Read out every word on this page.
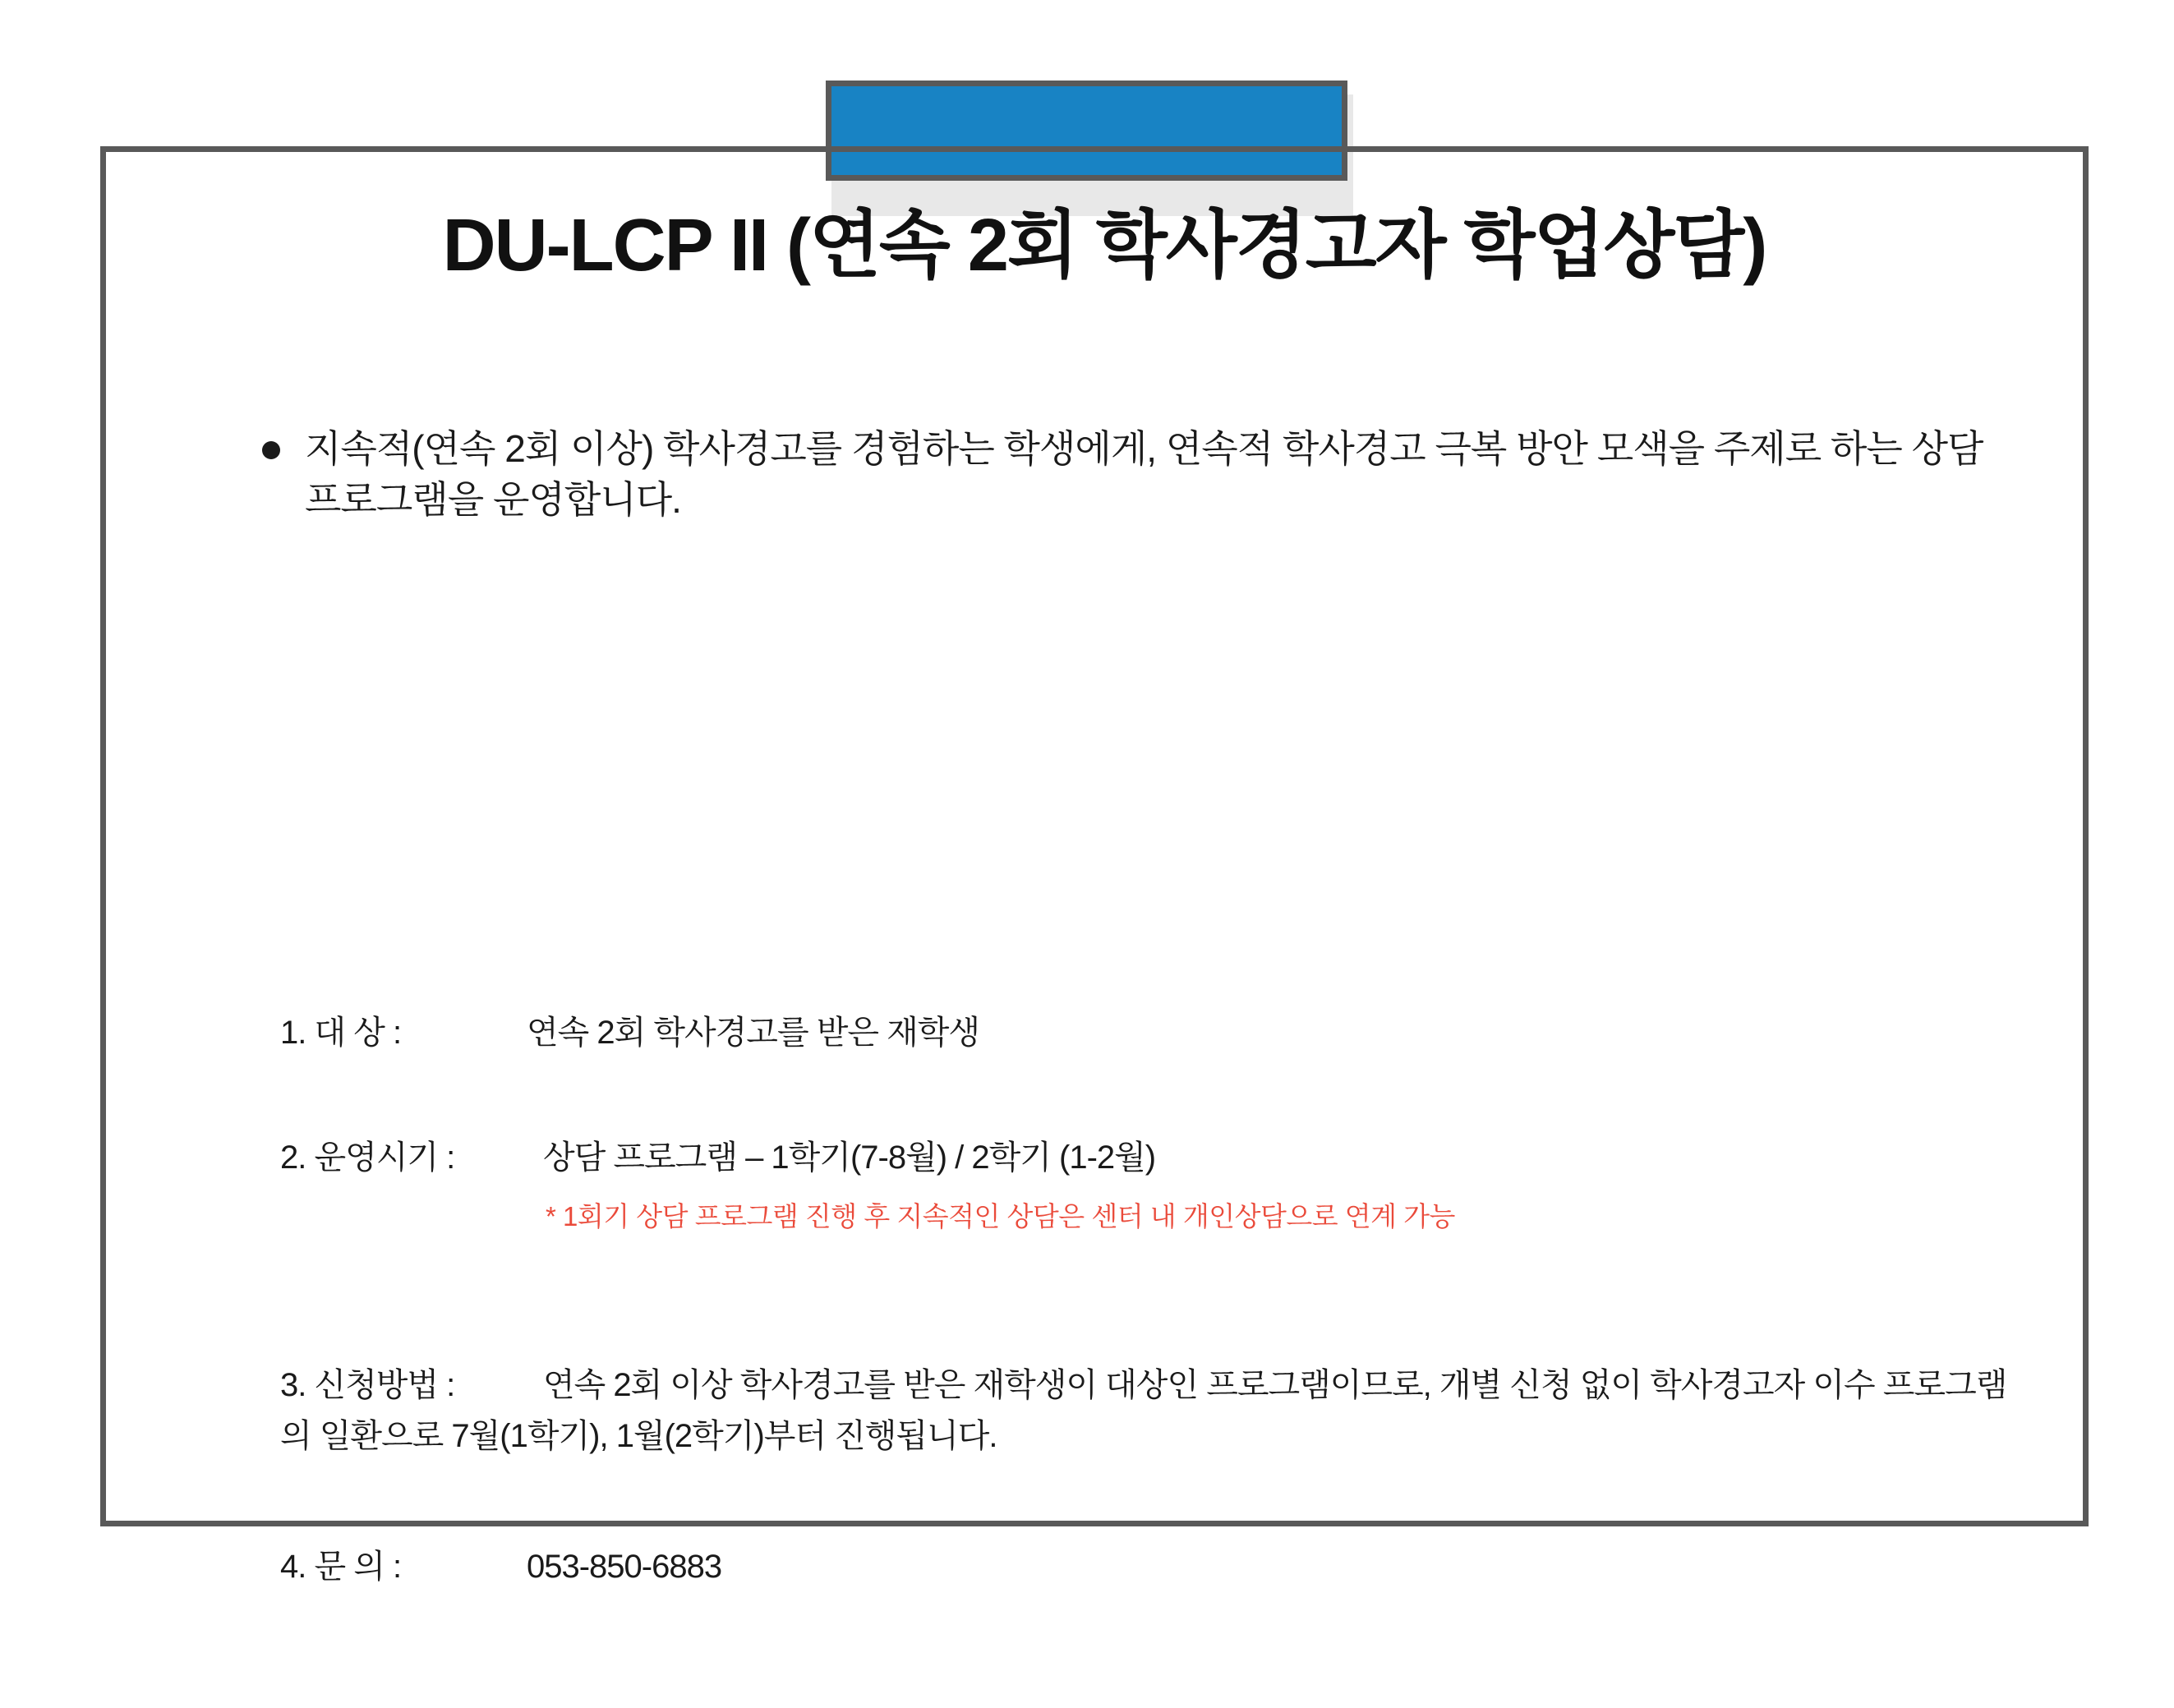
DU-LCP II (연속 2회 학사경고자 학업상담)
지속적(연속 2회 이상) 학사경고를 경험하는 학생에게, 연속적 학사경고 극복 방안 모색을 주제로 하는 상담 프로그램을 운영합니다.
1. 대 상 :	연속 2회 학사경고를 받은 재학생
2. 운영시기 :	상담 프로그램 – 1학기(7-8월) / 2학기 (1-2월)
* 1회기 상담 프로그램 진행 후 지속적인 상담은 센터 내 개인상담으로 연계 가능
3. 신청방법 :	연속 2회 이상 학사경고를 받은 재학생이 대상인 프로그램이므로, 개별 신청 없이 학사경고자 이수 프로그램의 일환으로 7월(1학기), 1월(2학기)부터 진행됩니다.
4. 문 의 :	053-850-6883
